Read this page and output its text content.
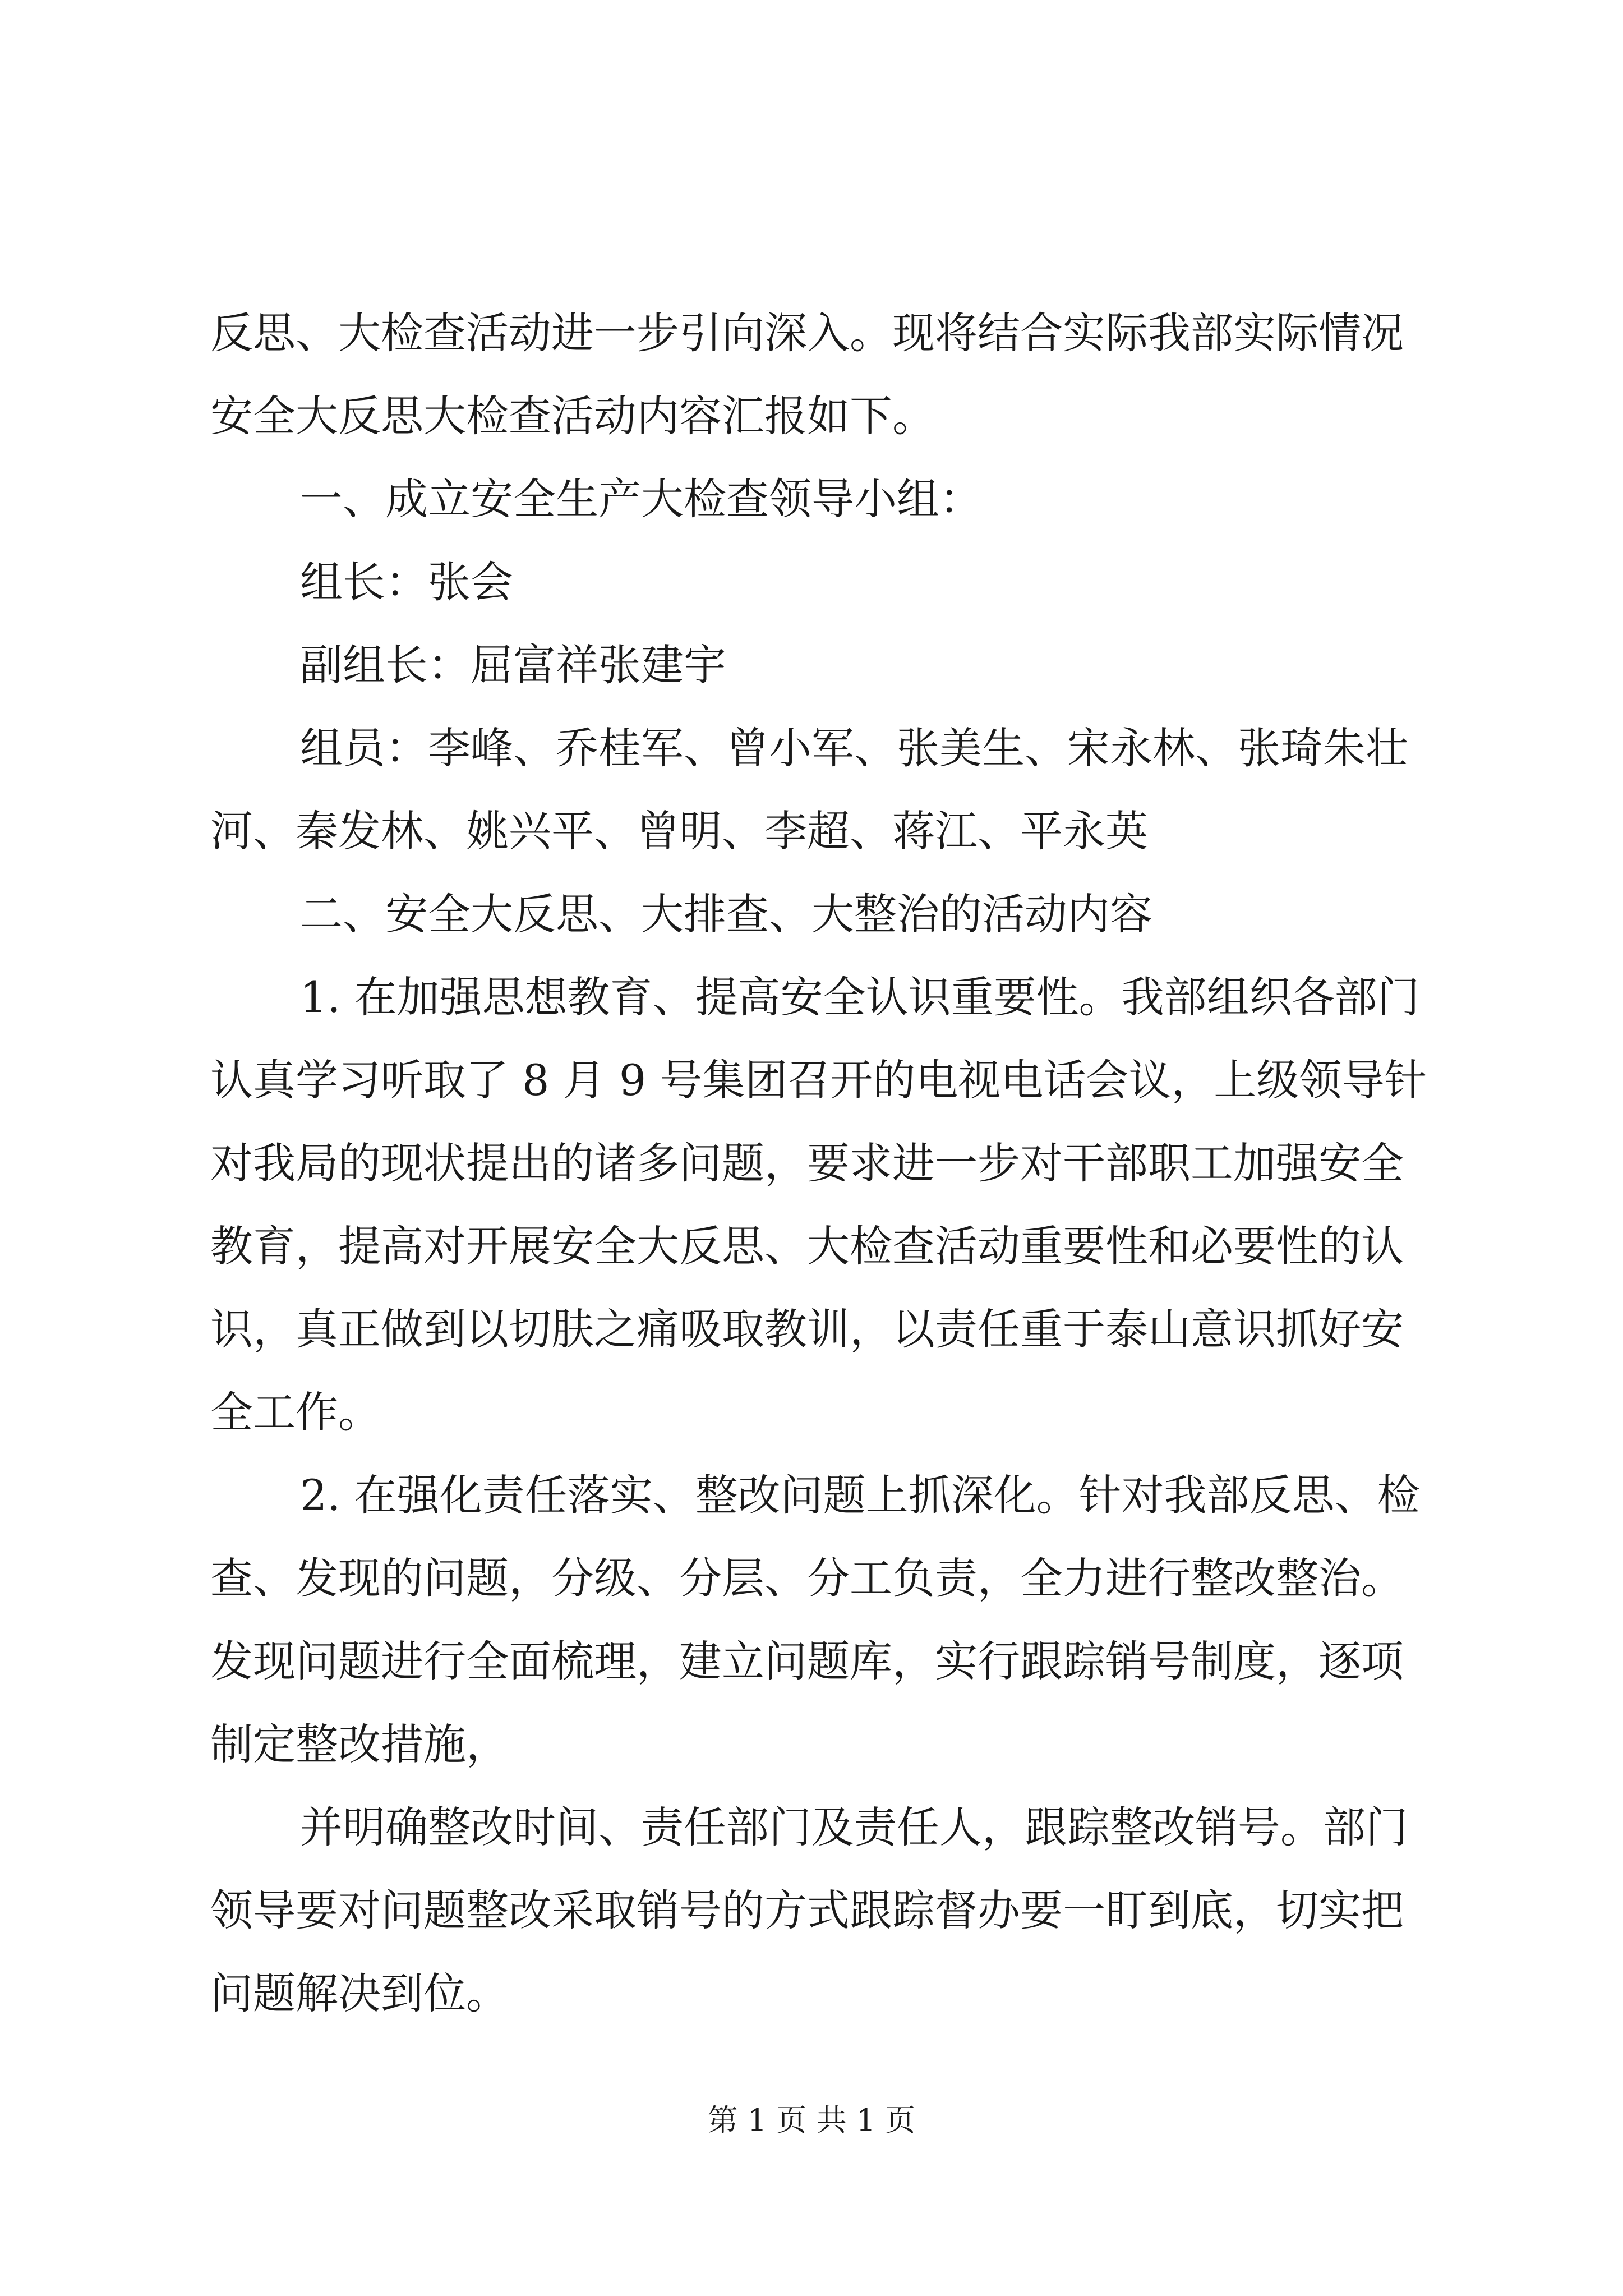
反思、大检查活动进一步引向深入。现将结合实际我部实际情况
安全大反思大检查活动内容汇报如下。
一、成立安全生产大检查领导小组：
组长：张会
副组长：屈富祥张建宇
组员：李峰、乔桂军、曾小军、张美生、宋永林、张琦朱壮
河、秦发林、姚兴平、曾明、李超、蒋江、平永英
二、安全大反思、大排查、大整治的活动内容
1. 在加强思想教育、提高安全认识重要性。我部组织各部门
认真学习听取了 8 月 9 号集团召开的电视电话会议，上级领导针
对我局的现状提出的诸多问题，要求进一步对干部职工加强安全
教育，提高对开展安全大反思、大检查活动重要性和必要性的认
识，真正做到以切肤之痛吸取教训，以责任重于泰山意识抓好安
全工作。
2. 在强化责任落实、整改问题上抓深化。针对我部反思、检
查、发现的问题，分级、分层、分工负责，全力进行整改整治。
发现问题进行全面梳理，建立问题库，实行跟踪销号制度，逐项
制定整改措施，
并明确整改时间、责任部门及责任人，跟踪整改销号。部门
领导要对问题整改采取销号的方式跟踪督办要一盯到底，切实把
问题解决到位。
第 1 页 共 1 页
